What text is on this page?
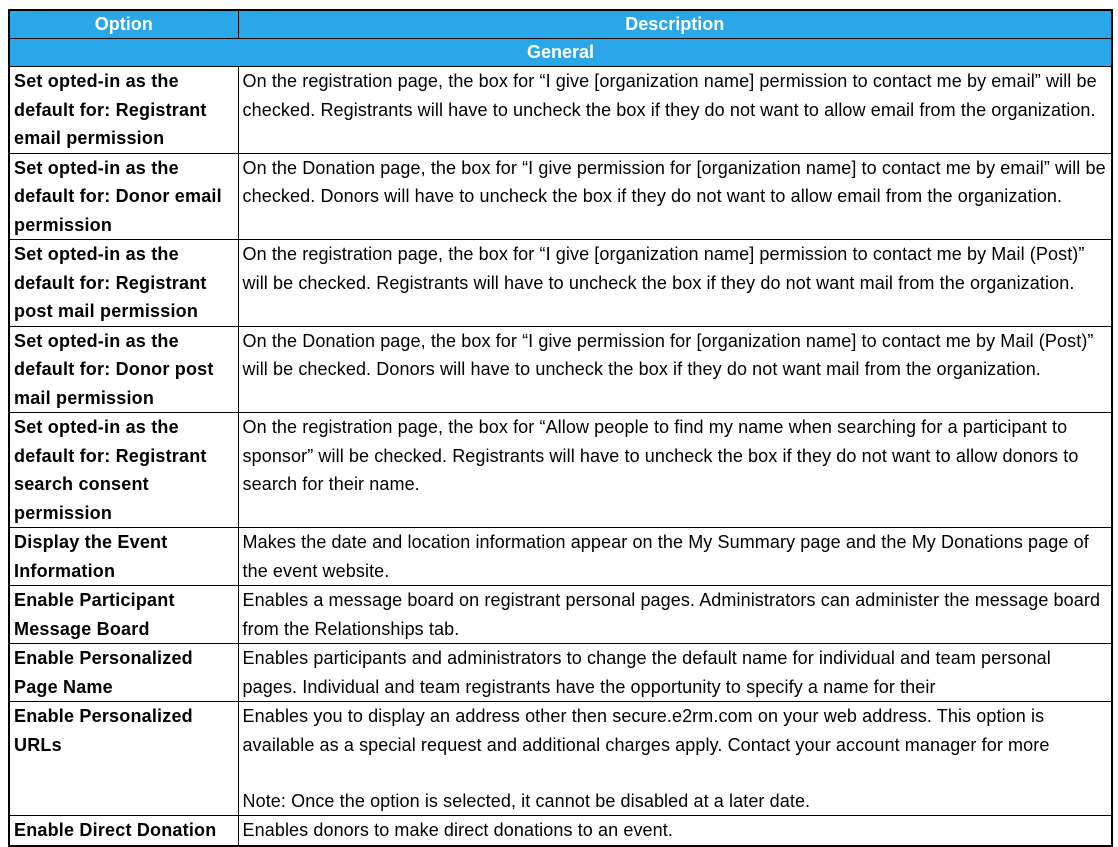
Option	Description
General	
Set opted-in as the default for: Registrant email permission	On the registration page, the box for “I give [organization name] permission to contact me by email” will be checked. Registrants will have to uncheck the box if they do not want to allow email from the organization.
Set opted-in as the default for: Donor email permission	On the Donation page, the box for “I give permission for [organization name] to contact me by email” will be checked. Donors will have to uncheck the box if they do not want to allow email from the organization.
Set opted-in as the default for: Registrant post mail permission	On the registration page, the box for “I give [organization name] permission to contact me by Mail (Post)” will be checked. Registrants will have to uncheck the box if they do not want mail from the organization.
Set opted-in as the default for: Donor post mail permission	On the Donation page, the box for “I give permission for [organization name] to contact me by Mail (Post)” will be checked. Donors will have to uncheck the box if they do not want mail from the organization.
Set opted-in as the default for: Registrant search consent permission	On the registration page, the box for “Allow people to find my name when searching for a participant to sponsor” will be checked. Registrants will have to uncheck the box if they do not want to allow donors to search for their name.
Display the Event Information	Makes the date and location information appear on the My Summary page and the My Donations page of the event website.
Enable Participant Message Board	Enables a message board on registrant personal pages. Administrators can administer the message board from the Relationships tab.
Enable Personalized Page Name	Enables participants and administrators to change the default name for individual and team personal pages. Individual and team registrants have the opportunity to specify a name for their

Enable Personalized URLs	Enables you to display an address other then secure.e2rm.com on your web address. This option is available as a special request and additional charges apply. Contact your account manager for more
Note: Once the option is selected, it cannot be disabled at a later date.

Enable Direct Donation	Enables donors to make direct donations to an event.
